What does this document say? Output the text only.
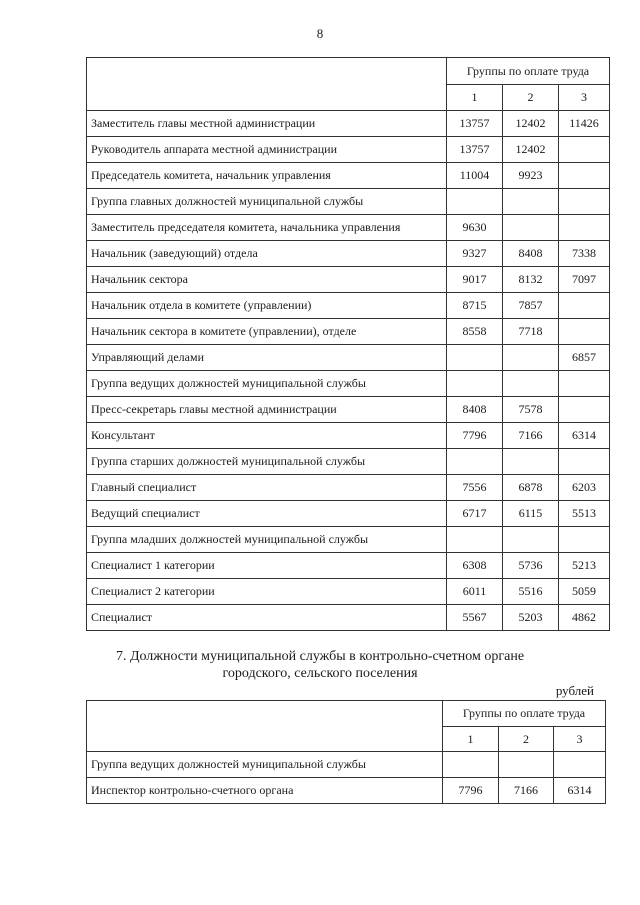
8
	Группы по оплате труда		
	1	2	3
Заместитель главы местной администрации	13757	12402	11426
Руководитель аппарата местной администрации	13757	12402	
Председатель комитета, начальник управления	11004	9923	
Группа главных должностей муниципальной службы			
Заместитель председателя комитета, начальника управления	9630		
Начальник (заведующий) отдела	9327	8408	7338
Начальник сектора	9017	8132	7097
Начальник отдела в комитете (управлении)	8715	7857	
Начальник сектора в комитете (управлении), отделе	8558	7718	
Управляющий делами			6857
Группа ведущих должностей муниципальной службы			
Пресс-секретарь главы местной администрации	8408	7578	
Консультант	7796	7166	6314
Группа старших должностей муниципальной службы			
Главный специалист	7556	6878	6203
Ведущий специалист	6717	6115	5513
Группа младших должностей муниципальной службы			
Специалист 1 категории	6308	5736	5213
Специалист 2 категории	6011	5516	5059
Специалист	5567	5203	4862
7. Должности муниципальной службы в контрольно-счетном органе
городского, сельского поселения
рублей
	Группы по оплате труда		
	1	2	3
Группа ведущих должностей муниципальной службы			
Инспектор контрольно-счетного органа	7796	7166	6314
